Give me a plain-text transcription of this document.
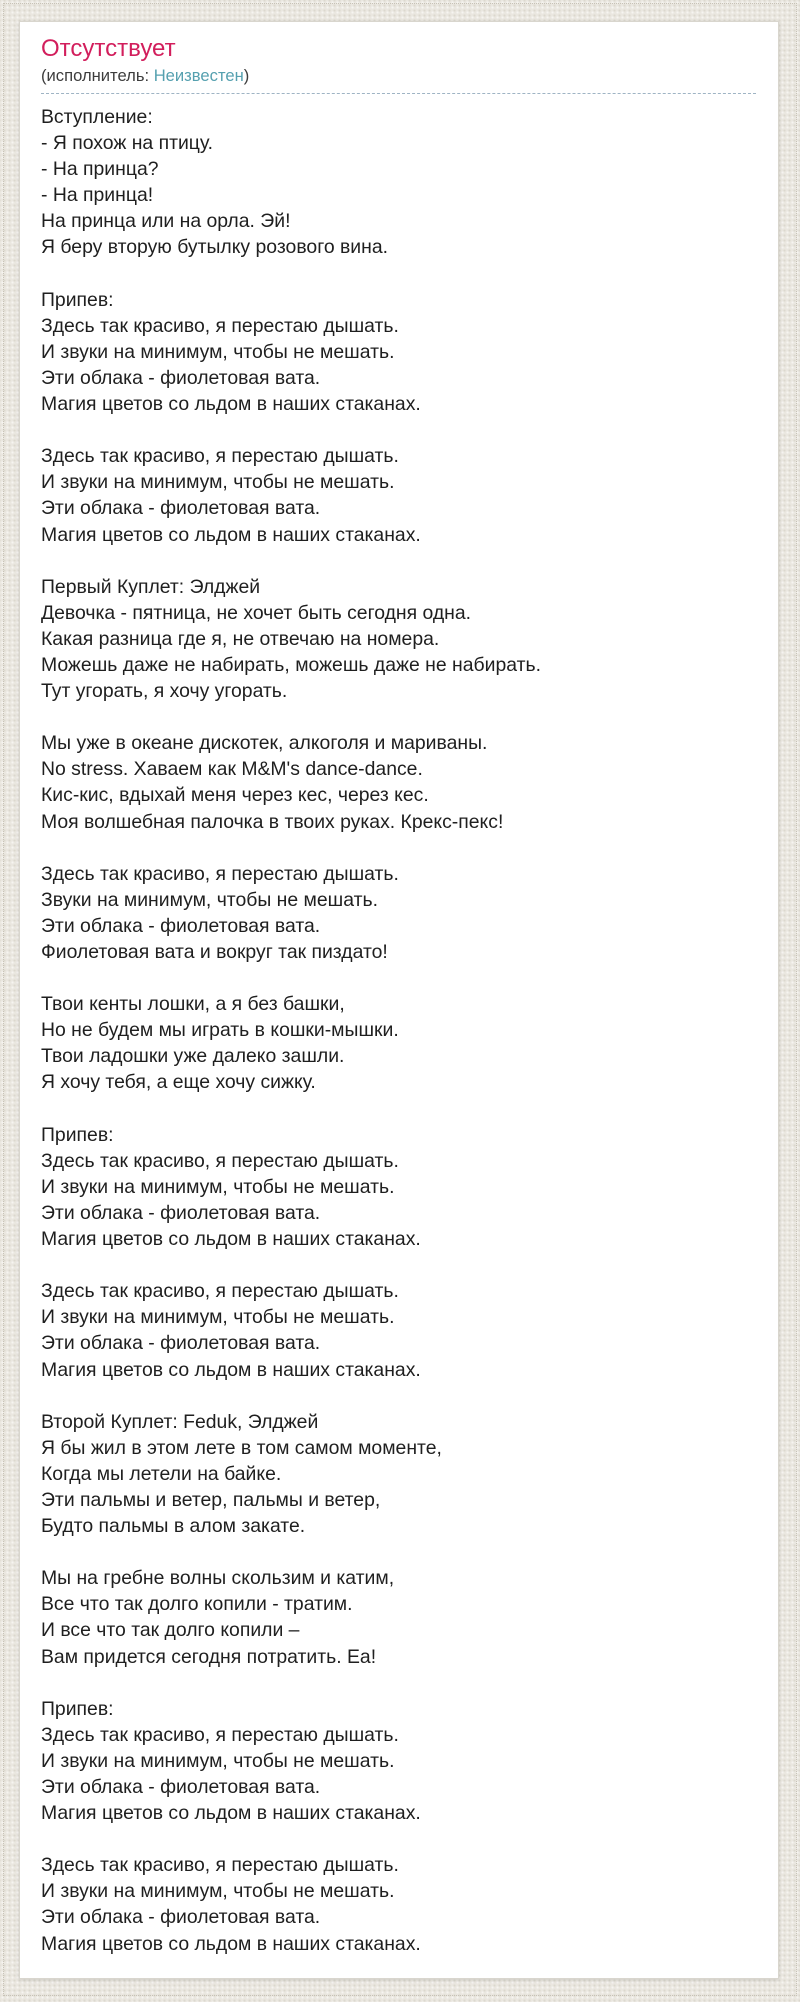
Отсутствует
(исполнитель: Неизвестен)
Вступление:
- Я похож на птицу.
- На принца?
- На принца!
На принца или на орла. Эй!
Я беру вторую бутылку розового вина.
Припев:
Здесь так красиво, я перестаю дышать.
И звуки на минимум, чтобы не мешать.
Эти облака - фиолетовая вата.
Магия цветов со льдом в наших стаканах.
Здесь так красиво, я перестаю дышать.
И звуки на минимум, чтобы не мешать.
Эти облака - фиолетовая вата.
Магия цветов со льдом в наших стаканах.
Первый Куплет: Элджей
Девочка - пятница, не хочет быть сегодня одна.
Какая разница где я, не отвечаю на номера.
Можешь даже не набирать, можешь даже не набирать.
Тут угорать, я хочу угорать.
Мы уже в океане дискотек, алкоголя и мариваны.
No stress. Хаваем как M&M's dance-dance.
Кис-кис, вдыхай меня через кес, через кес.
Моя волшебная палочка в твоих руках. Крекс-пекс!
Здесь так красиво, я перестаю дышать.
Звуки на минимум, чтобы не мешать.
Эти облака - фиолетовая вата.
Фиолетовая вата и вокруг так пиздато!
Твои кенты лошки, а я без башки,
Но не будем мы играть в кошки-мышки.
Твои ладошки уже далеко зашли.
Я хочу тебя, а еще хочу сижку.
Припев:
Здесь так красиво, я перестаю дышать.
И звуки на минимум, чтобы не мешать.
Эти облака - фиолетовая вата.
Магия цветов со льдом в наших стаканах.
Здесь так красиво, я перестаю дышать.
И звуки на минимум, чтобы не мешать.
Эти облака - фиолетовая вата.
Магия цветов со льдом в наших стаканах.
Второй Куплет: Feduk, Элджей
Я бы жил в этом лете в том самом моменте,
Когда мы летели на байке.
Эти пальмы и ветер, пальмы и ветер,
Будто пальмы в алом закате.
Мы на гребне волны скользим и катим,
Все что так долго копили - тратим.
И все что так долго копили –
Вам придется сегодня потратить. Еа!
Припев:
Здесь так красиво, я перестаю дышать.
И звуки на минимум, чтобы не мешать.
Эти облака - фиолетовая вата.
Магия цветов со льдом в наших стаканах.
Здесь так красиво, я перестаю дышать.
И звуки на минимум, чтобы не мешать.
Эти облака - фиолетовая вата.
Магия цветов со льдом в наших стаканах.
